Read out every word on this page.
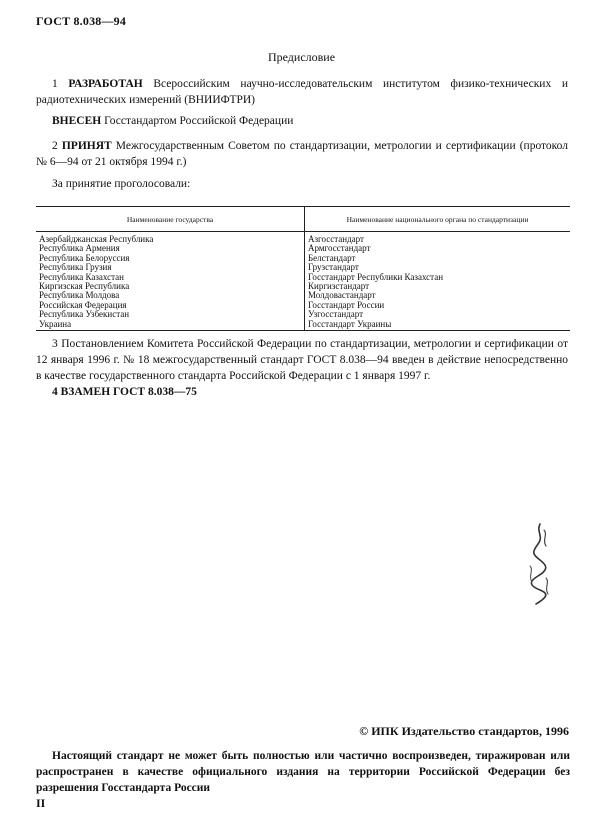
ГОСТ 8.038—94
Предисловие
1 РАЗРАБОТАН Всероссийским научно-исследовательским институтом физико-технических и радиотехнических измерений (ВНИИФТРИ)
ВНЕСЕН Госстандартом Российской Федерации
2 ПРИНЯТ Межгосударственным Советом по стандартизации, метрологии и сертификации (протокол № 6—94 от 21 октября 1994 г.)
За принятие проголосовали:
Наименование государства	Наименование национального органа по стандартизации
Азербайджанская Республика	Азгосстандарт
Республика Армения	Армгосстандарт
Республика Белоруссия	Белстандарт
Республика Грузия	Грузстандарт
Республика Казахстан	Госстандарт Республики Казахстан
Киргизская Республика	Киргизстандарт
Республика Молдова	Молдовастандарт
Российская Федерация	Госстандарт России
Республика Узбекистан	Узгосстандарт
Украина	Госстандарт Украины
3 Постановлением Комитета Российской Федерации по стандартизации, метрологии и сертификации от 12 января 1996 г. № 18 межгосударственный стандарт ГОСТ 8.038—94 введен в действие непосредственно в качестве государственного стандарта Российской Федерации с 1 января 1997 г.
4 ВЗАМЕН ГОСТ 8.038—75
© ИПК Издательство стандартов, 1996
Настоящий стандарт не может быть полностью или частично воспроизведен, тиражирован или распространен в качестве официального издания на территории Российской Федерации без разрешения Госстандарта России
II
